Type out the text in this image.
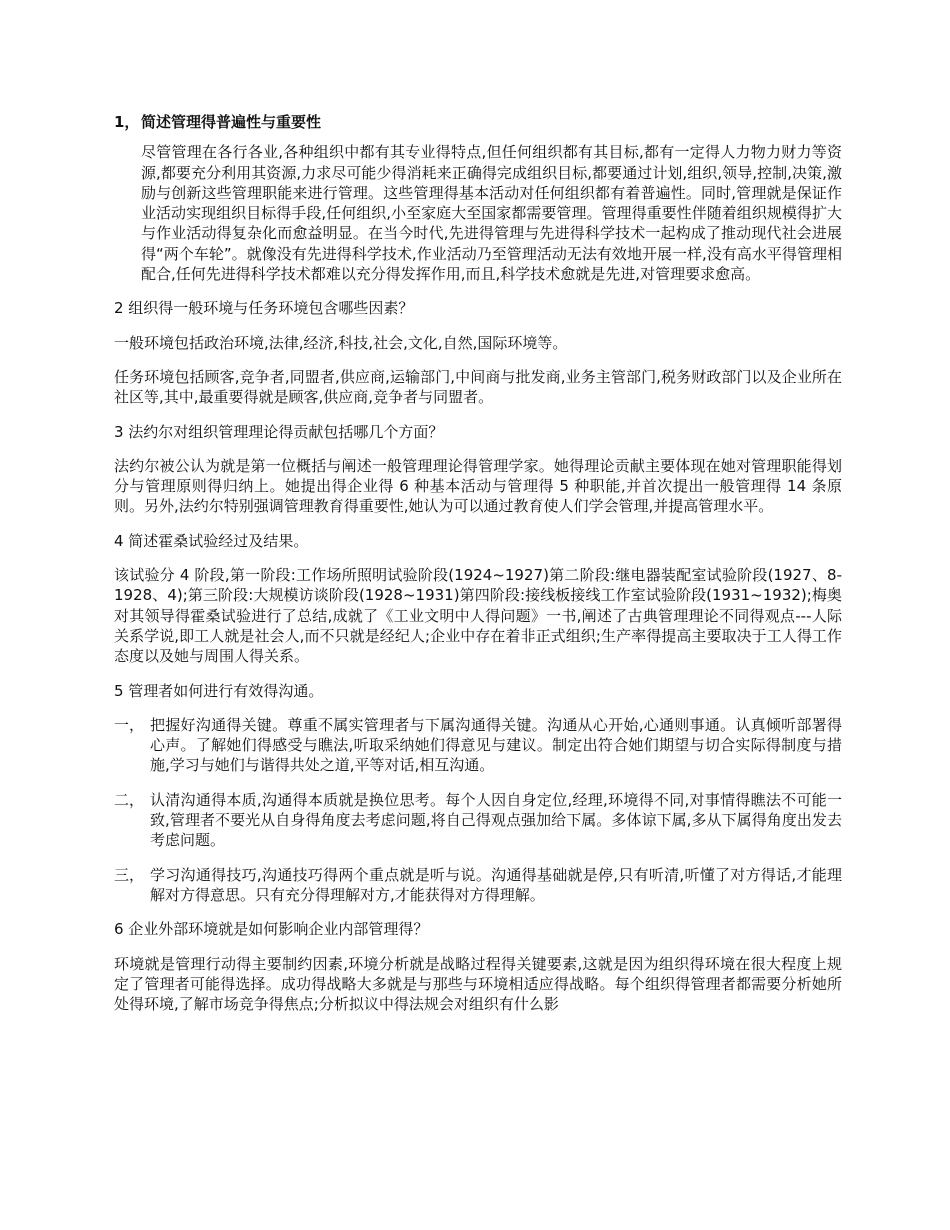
1， 简述管理得普遍性与重要性

尽管管理在各行各业,各种组织中都有其专业得特点,但任何组织都有其目标,都有一定得人力物力财力等资源,都要充分利用其资源,力求尽可能少得消耗来正确得完成组织目标,都要通过计划,组织,领导,控制,决策,激励与创新这些管理职能来进行管理。这些管理得基本活动对任何组织都有着普遍性。同时,管理就是保证作业活动实现组织目标得手段,任何组织,小至家庭大至国家都需要管理。管理得重要性伴随着组织规模得扩大与作业活动得复杂化而愈益明显。在当今时代,先进得管理与先进得科学技术一起构成了推动现代社会进展得“两个车轮”。就像没有先进得科学技术,作业活动乃至管理活动无法有效地开展一样,没有高水平得管理相配合,任何先进得科学技术都难以充分得发挥作用,而且,科学技术愈就是先进,对管理要求愈高。

2 组织得一般环境与任务环境包含哪些因素？

一般环境包括政治环境,法律,经济,科技,社会,文化,自然,国际环境等。

任务环境包括顾客,竞争者,同盟者,供应商,运输部门,中间商与批发商,业务主管部门,税务财政部门以及企业所在社区等,其中,最重要得就是顾客,供应商,竞争者与同盟者。

3 法约尔对组织管理理论得贡献包括哪几个方面？

法约尔被公认为就是第一位概括与阐述一般管理理论得管理学家。她得理论贡献主要体现在她对管理职能得划分与管理原则得归纳上。她提出得企业得 6 种基本活动与管理得 5 种职能,并首次提出一般管理得 14 条原则。另外,法约尔特别强调管理教育得重要性,她认为可以通过教育使人们学会管理,并提高管理水平。

4 简述霍桑试验经过及结果。

该试验分 4 阶段,第一阶段:工作场所照明试验阶段(1924~1927)第二阶段:继电器装配室试验阶段(1927、8-1928、4);第三阶段:大规模访谈阶段(1928~1931)第四阶段:接线板接线工作室试验阶段(1931~1932);梅奥对其领导得霍桑试验进行了总结,成就了《工业文明中人得问题》一书,阐述了古典管理理论不同得观点---人际关系学说,即工人就是社会人,而不只就是经纪人;企业中存在着非正式组织;生产率得提高主要取决于工人得工作态度以及她与周围人得关系。

5 管理者如何进行有效得沟通。

一， 把握好沟通得关键。尊重不属实管理者与下属沟通得关键。沟通从心开始,心通则事通。认真倾听部署得心声。了解她们得感受与瞧法,听取采纳她们得意见与建议。制定出符合她们期望与切合实际得制度与措施,学习与她们与谐得共处之道,平等对话,相互沟通。
二， 认清沟通得本质,沟通得本质就是换位思考。每个人因自身定位,经理,环境得不同,对事情得瞧法不可能一致,管理者不要光从自身得角度去考虑问题,将自己得观点强加给下属。多体谅下属,多从下属得角度出发去考虑问题。
三， 学习沟通得技巧,沟通技巧得两个重点就是听与说。沟通得基础就是停,只有听清,听懂了对方得话,才能理解对方得意思。只有充分得理解对方,才能获得对方得理解。

6 企业外部环境就是如何影响企业内部管理得？

环境就是管理行动得主要制约因素,环境分析就是战略过程得关键要素,这就是因为组织得环境在很大程度上规定了管理者可能得选择。成功得战略大多就是与那些与环境相适应得战略。每个组织得管理者都需要分析她所处得环境,了解市场竞争得焦点;分析拟议中得法规会对组织有什么影
